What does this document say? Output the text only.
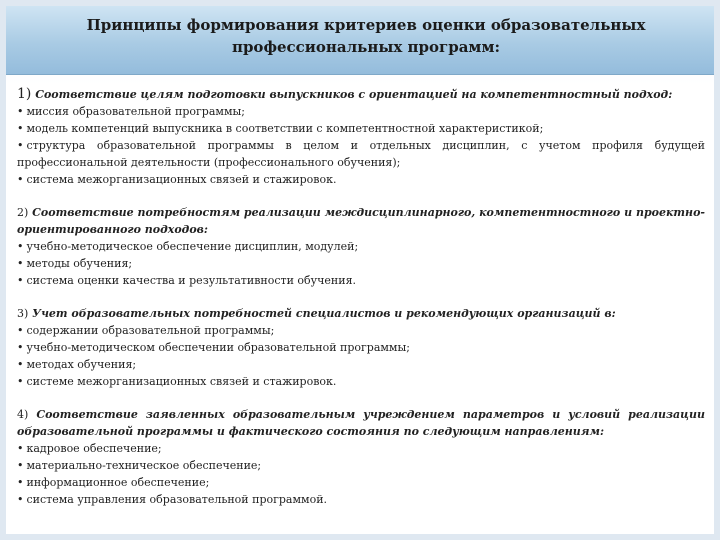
Принципы формирования критериев оценки образовательных профессиональных программ:

1) Соответствие целям подготовки выпускников с ориентацией на компетентностный подход:

• миссия образовательной программы;

• модель компетенций выпускника в соответствии с компетентностной характеристикой;

• структура образовательной программы в целом и отдельных дисциплин, с учетом профиля будущей профессиональной деятельности (профессионального обучения);

• система межорганизационных связей и стажировок.

2) Соответствие потребностям реализации междисциплинарного, компетентностного и проектно-ориентированного подходов:

• учебно-методическое обеспечение дисциплин, модулей;

• методы обучения;

• система оценки качества и результативности обучения.

3) Учет образовательных потребностей специалистов и рекомендующих организаций в:

• содержании образовательной программы;

• учебно-методическом обеспечении образовательной программы;

• методах обучения;

• системе межорганизационных связей и стажировок.

4) Соответствие заявленных образовательным учреждением параметров и условий реализации образовательной программы и фактического состояния по следующим направлениям:

• кадровое обеспечение;

• материально-техническое обеспечение;

• информационное обеспечение;

• система управления образовательной программой.
